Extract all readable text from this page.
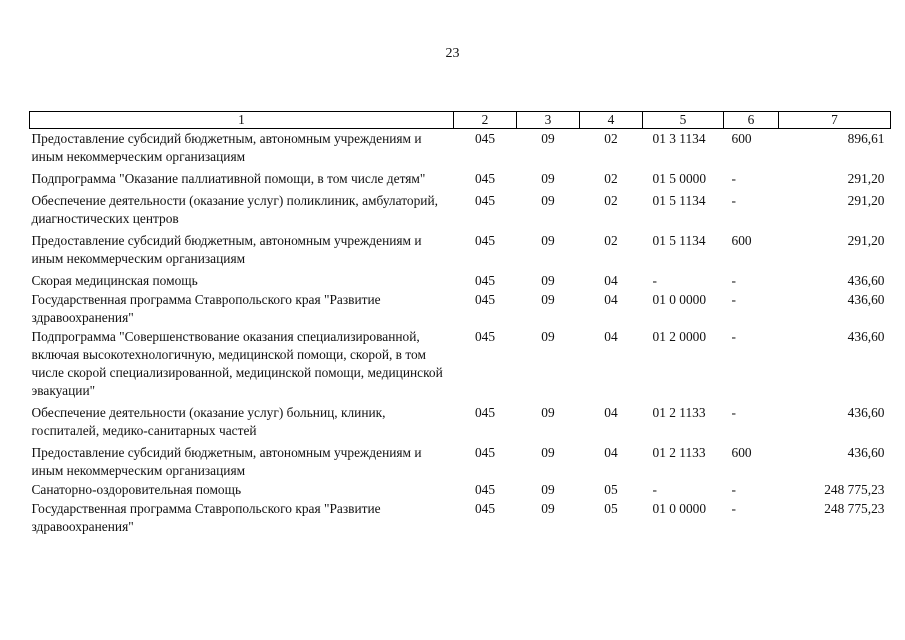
23
1	2	3	4	5	6	7
Предоставление субсидий бюджетным, автономным учреждениям и иным некоммерческим организациям	045	09	02	01 3 1134	600	896,61
Подпрограмма "Оказание паллиативной помощи, в том числе детям"	045	09	02	01 5 0000	-	291,20
Обеспечение деятельности (оказание услуг) поликлиник, амбулаторий, диагностических центров	045	09	02	01 5 1134	-	291,20
Предоставление субсидий бюджетным, автономным учреждениям и иным некоммерческим организациям	045	09	02	01 5 1134	600	291,20
Скорая медицинская помощь	045	09	04	-	-	436,60
Государственная программа Ставропольского края "Развитие здравоохранения"	045	09	04	01 0 0000	-	436,60
Подпрограмма "Совершенствование оказания специализированной, включая высокотехнологичную, медицинской помощи, скорой, в том числе скорой специализированной, медицинской помощи, медицинской эвакуации"	045	09	04	01 2 0000	-	436,60
Обеспечение деятельности (оказание услуг) больниц, клиник, госпиталей, медико-санитарных частей	045	09	04	01 2 1133	-	436,60
Предоставление субсидий бюджетным, автономным учреждениям и иным некоммерческим организациям	045	09	04	01 2 1133	600	436,60
Санаторно-оздоровительная помощь	045	09	05	-	-	248 775,23
Государственная программа Ставропольского края "Развитие здравоохранения"	045	09	05	01 0 0000	-	248 775,23
